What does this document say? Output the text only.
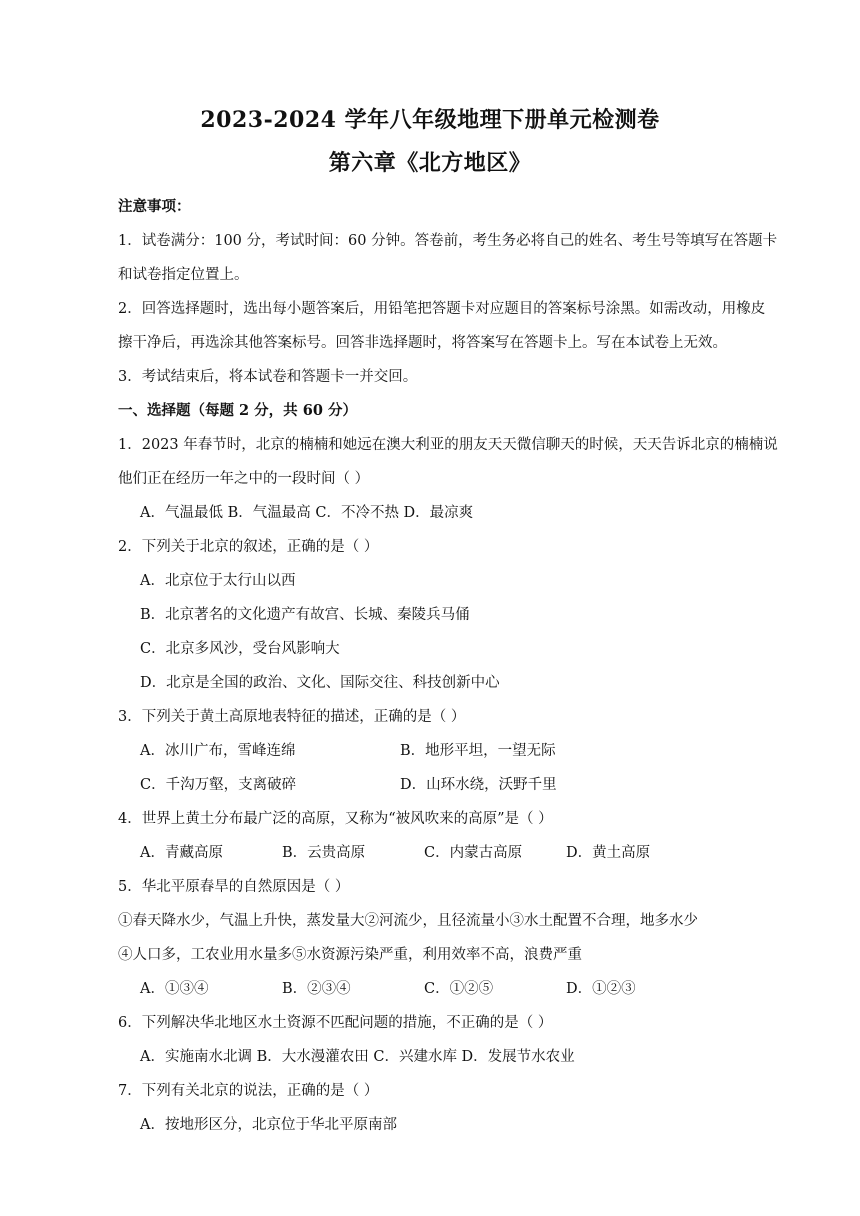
2023-2024 学年八年级地理下册单元检测卷
第六章《北方地区》
注意事项：
1．试卷满分：100 分，考试时间：60 分钟。答卷前，考生务必将自己的姓名、考生号等填写在答题卡
和试卷指定位置上。
2．回答选择题时，选出每小题答案后，用铅笔把答题卡对应题目的答案标号涂黑。如需改动，用橡皮
擦干净后，再选涂其他答案标号。回答非选择题时，将答案写在答题卡上。写在本试卷上无效。
3．考试结束后，将本试卷和答题卡一并交回。
一、选择题（每题 2 分，共 60 分）
1．2023 年春节时，北京的楠楠和她远在澳大利亚的朋友天天微信聊天的时候，天天告诉北京的楠楠说
他们正在经历一年之中的一段时间（ ）
A．气温最低 B．气温最高 C．不冷不热 D．最凉爽
2．下列关于北京的叙述，正确的是（ ）
A．北京位于太行山以西
B．北京著名的文化遗产有故宫、长城、秦陵兵马俑
C．北京多风沙，受台风影响大
D．北京是全国的政治、文化、国际交往、科技创新中心
3．下列关于黄土高原地表特征的描述，正确的是（ ）
A．冰川广布，雪峰连绵	B．地形平坦，一望无际
C．千沟万壑，支离破碎	D．山环水绕，沃野千里
4．世界上黄土分布最广泛的高原，又称为“被风吹来的高原”是（ ）
A．青藏高原	B．云贵高原	C．内蒙古高原	D．黄土高原
5．华北平原春旱的自然原因是（ ）
①春天降水少，气温上升快，蒸发量大②河流少，且径流量小③水土配置不合理，地多水少
④人口多，工农业用水量多⑤水资源污染严重，利用效率不高，浪费严重
A．①③④	B．②③④	C．①②⑤	D．①②③
6．下列解决华北地区水土资源不匹配问题的措施，不正确的是（ ）
A．实施南水北调 B．大水漫灌农田 C．兴建水库 D．发展节水农业
7．下列有关北京的说法，正确的是（ ）
A．按地形区分，北京位于华北平原南部
